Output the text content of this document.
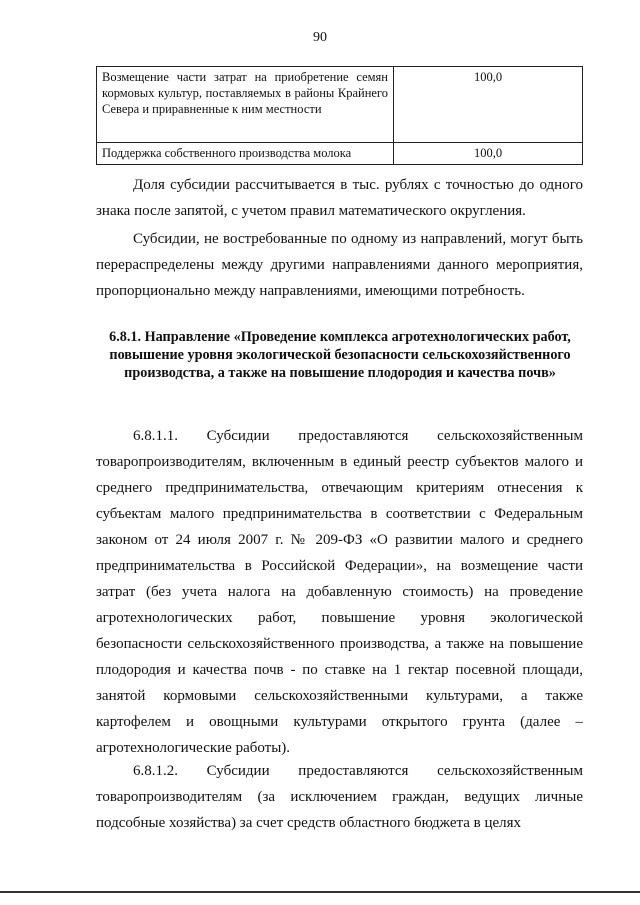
90
Возмещение части затрат на приобретение семян кормовых культур, поставляемых в районы Крайнего Севера и приравненные к ним местности	100,0
Поддержка собственного производства молока	100,0

Доля субсидии рассчитывается в тыс. рублях с точностью до одного знака после запятой, с учетом правил математического округления.

Субсидии, не востребованные по одному из направлений, могут быть перераспределены между другими направлениями данного мероприятия, пропорционально между направлениями, имеющими потребность.

6.8.1. Направление «Проведение комплекса агротехнологических работ, повышение уровня экологической безопасности сельскохозяйственного производства, а также на повышение плодородия и качества почв»

6.8.1.1. Субсидии предоставляются сельскохозяйственным товаропроизводителям, включенным в единый реестр субъектов малого и среднего предпринимательства, отвечающим критериям отнесения к субъектам малого предпринимательства в соответствии с Федеральным законом от 24 июля 2007 г. № 209-ФЗ «О развитии малого и среднего предпринимательства в Российской Федерации», на возмещение части затрат (без учета налога на добавленную стоимость) на проведение агротехнологических работ, повышение уровня экологической безопасности сельскохозяйственного производства, а также на повышение плодородия и качества почв - по ставке на 1 гектар посевной площади, занятой кормовыми сельскохозяйственными культурами, а также картофелем и овощными культурами открытого грунта (далее – агротехнологические работы).

6.8.1.2. Субсидии предоставляются сельскохозяйственным товаропроизводителям (за исключением граждан, ведущих личные подсобные хозяйства) за счет средств областного бюджета в целях
